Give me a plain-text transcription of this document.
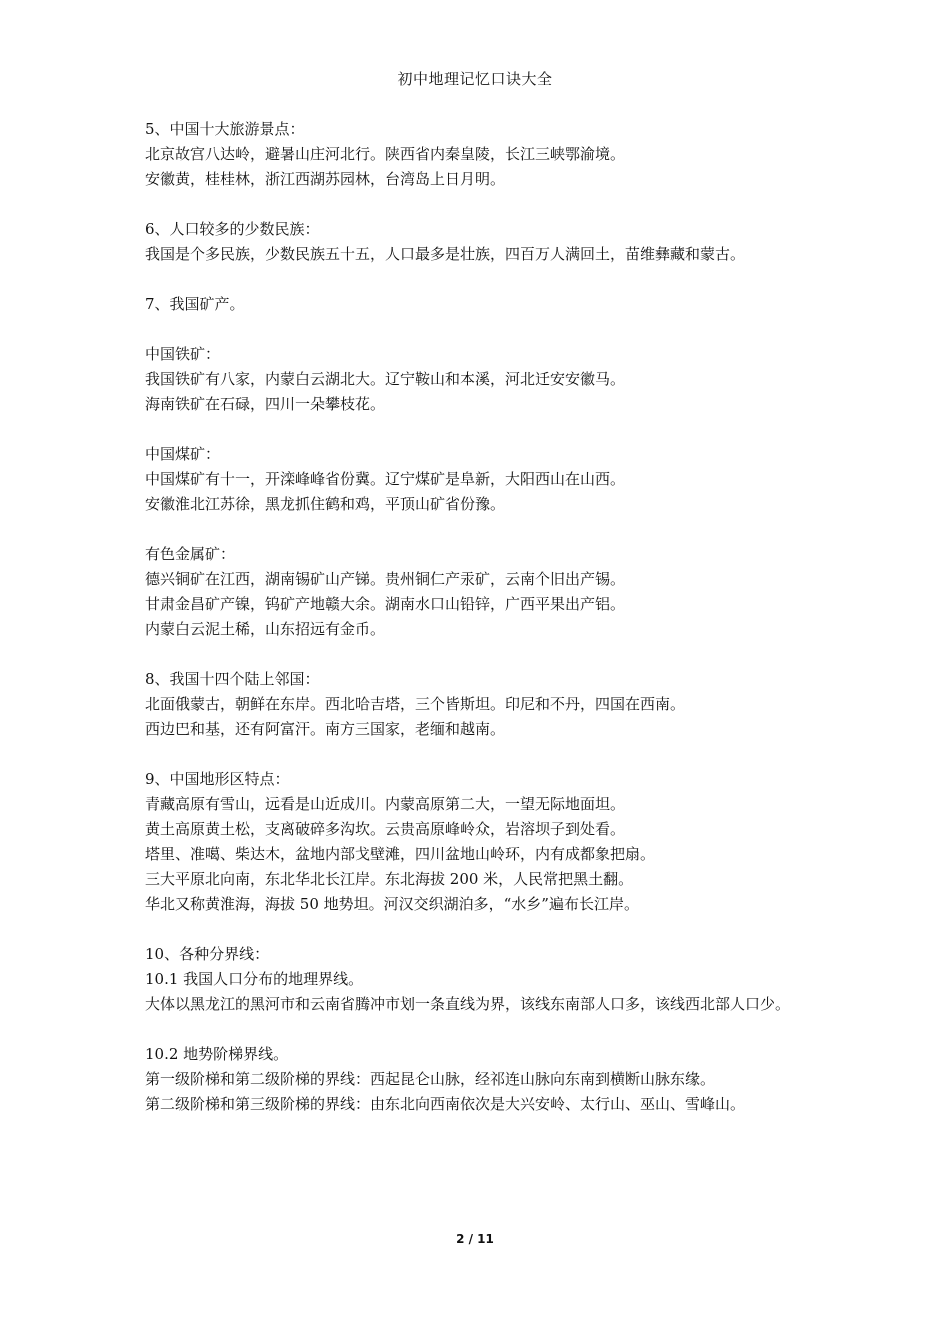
初中地理记忆口诀大全
5、中国十大旅游景点：
北京故宫八达岭，避暑山庄河北行。陕西省内秦皇陵，长江三峡鄂渝境。
安徽黄，桂桂林，浙江西湖苏园林，台湾岛上日月明。
6、人口较多的少数民族：
我国是个多民族，少数民族五十五，人口最多是壮族，四百万人满回土，苗维彝藏和蒙古。
7、我国矿产。
中国铁矿：
我国铁矿有八家，内蒙白云湖北大。辽宁鞍山和本溪，河北迁安安徽马。
海南铁矿在石碌，四川一朵攀枝花。
中国煤矿：
中国煤矿有十一，开滦峰峰省份冀。辽宁煤矿是阜新，大阳西山在山西。
安徽淮北江苏徐，黑龙抓住鹤和鸡，平顶山矿省份豫。
有色金属矿：
德兴铜矿在江西，湖南锡矿山产锑。贵州铜仁产汞矿，云南个旧出产锡。
甘肃金昌矿产镍，钨矿产地赣大余。湖南水口山铅锌，广西平果出产铝。
内蒙白云泥土稀，山东招远有金币。
8、我国十四个陆上邻国：
北面俄蒙古，朝鲜在东岸。西北哈吉塔，三个皆斯坦。印尼和不丹，四国在西南。
西边巴和基，还有阿富汗。南方三国家，老缅和越南。
9、中国地形区特点：
青藏高原有雪山，远看是山近成川。内蒙高原第二大，一望无际地面坦。
黄土高原黄土松，支离破碎多沟坎。云贵高原峰岭众，岩溶坝子到处看。
塔里、准噶、柴达木，盆地内部戈壁滩，四川盆地山岭环，内有成都象把扇。
三大平原北向南，东北华北长江岸。东北海拔 200 米，人民常把黑土翻。
华北又称黄淮海，海拔 50 地势坦。河汉交织湖泊多，“水乡”遍布长江岸。
10、各种分界线：
10.1 我国人口分布的地理界线。
大体以黑龙江的黑河市和云南省腾冲市划一条直线为界，该线东南部人口多，该线西北部人口少。
10.2 地势阶梯界线。
第一级阶梯和第二级阶梯的界线：西起昆仑山脉，经祁连山脉向东南到横断山脉东缘。
第二级阶梯和第三级阶梯的界线：由东北向西南依次是大兴安岭、太行山、巫山、雪峰山。
2 / 11
